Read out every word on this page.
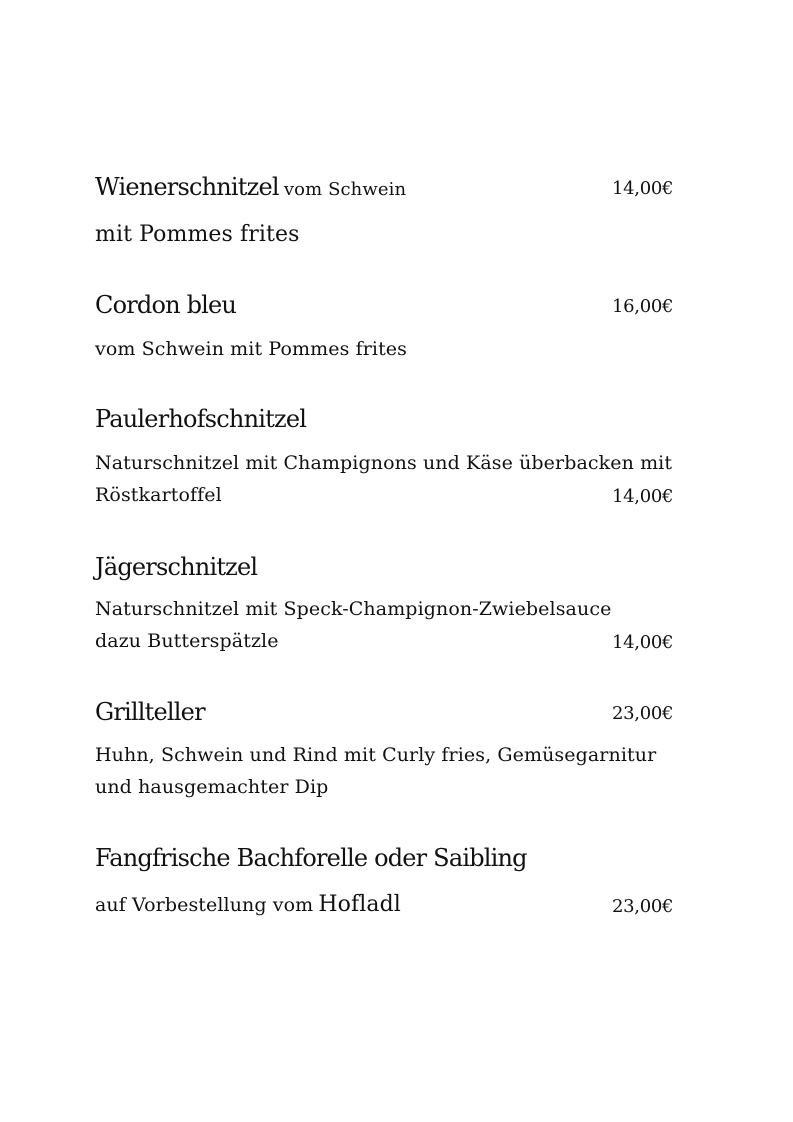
Wienerschnitzel vom Schwein	14,00€
mit Pommes frites
Cordon bleu	16,00€
vom Schwein mit Pommes frites
Paulerhofschnitzel
Naturschnitzel mit Champignons und Käse überbacken mit
Röstkartoffel	14,00€
Jägerschnitzel
Naturschnitzel mit Speck-Champignon-Zwiebelsauce
dazu Butterspätzle	14,00€
Grillteller	23,00€
Huhn, Schwein und Rind mit Curly fries, Gemüsegarnitur
und hausgemachter Dip
Fangfrische Bachforelle oder Saibling
auf Vorbestellung vom Hofladl	23,00€
